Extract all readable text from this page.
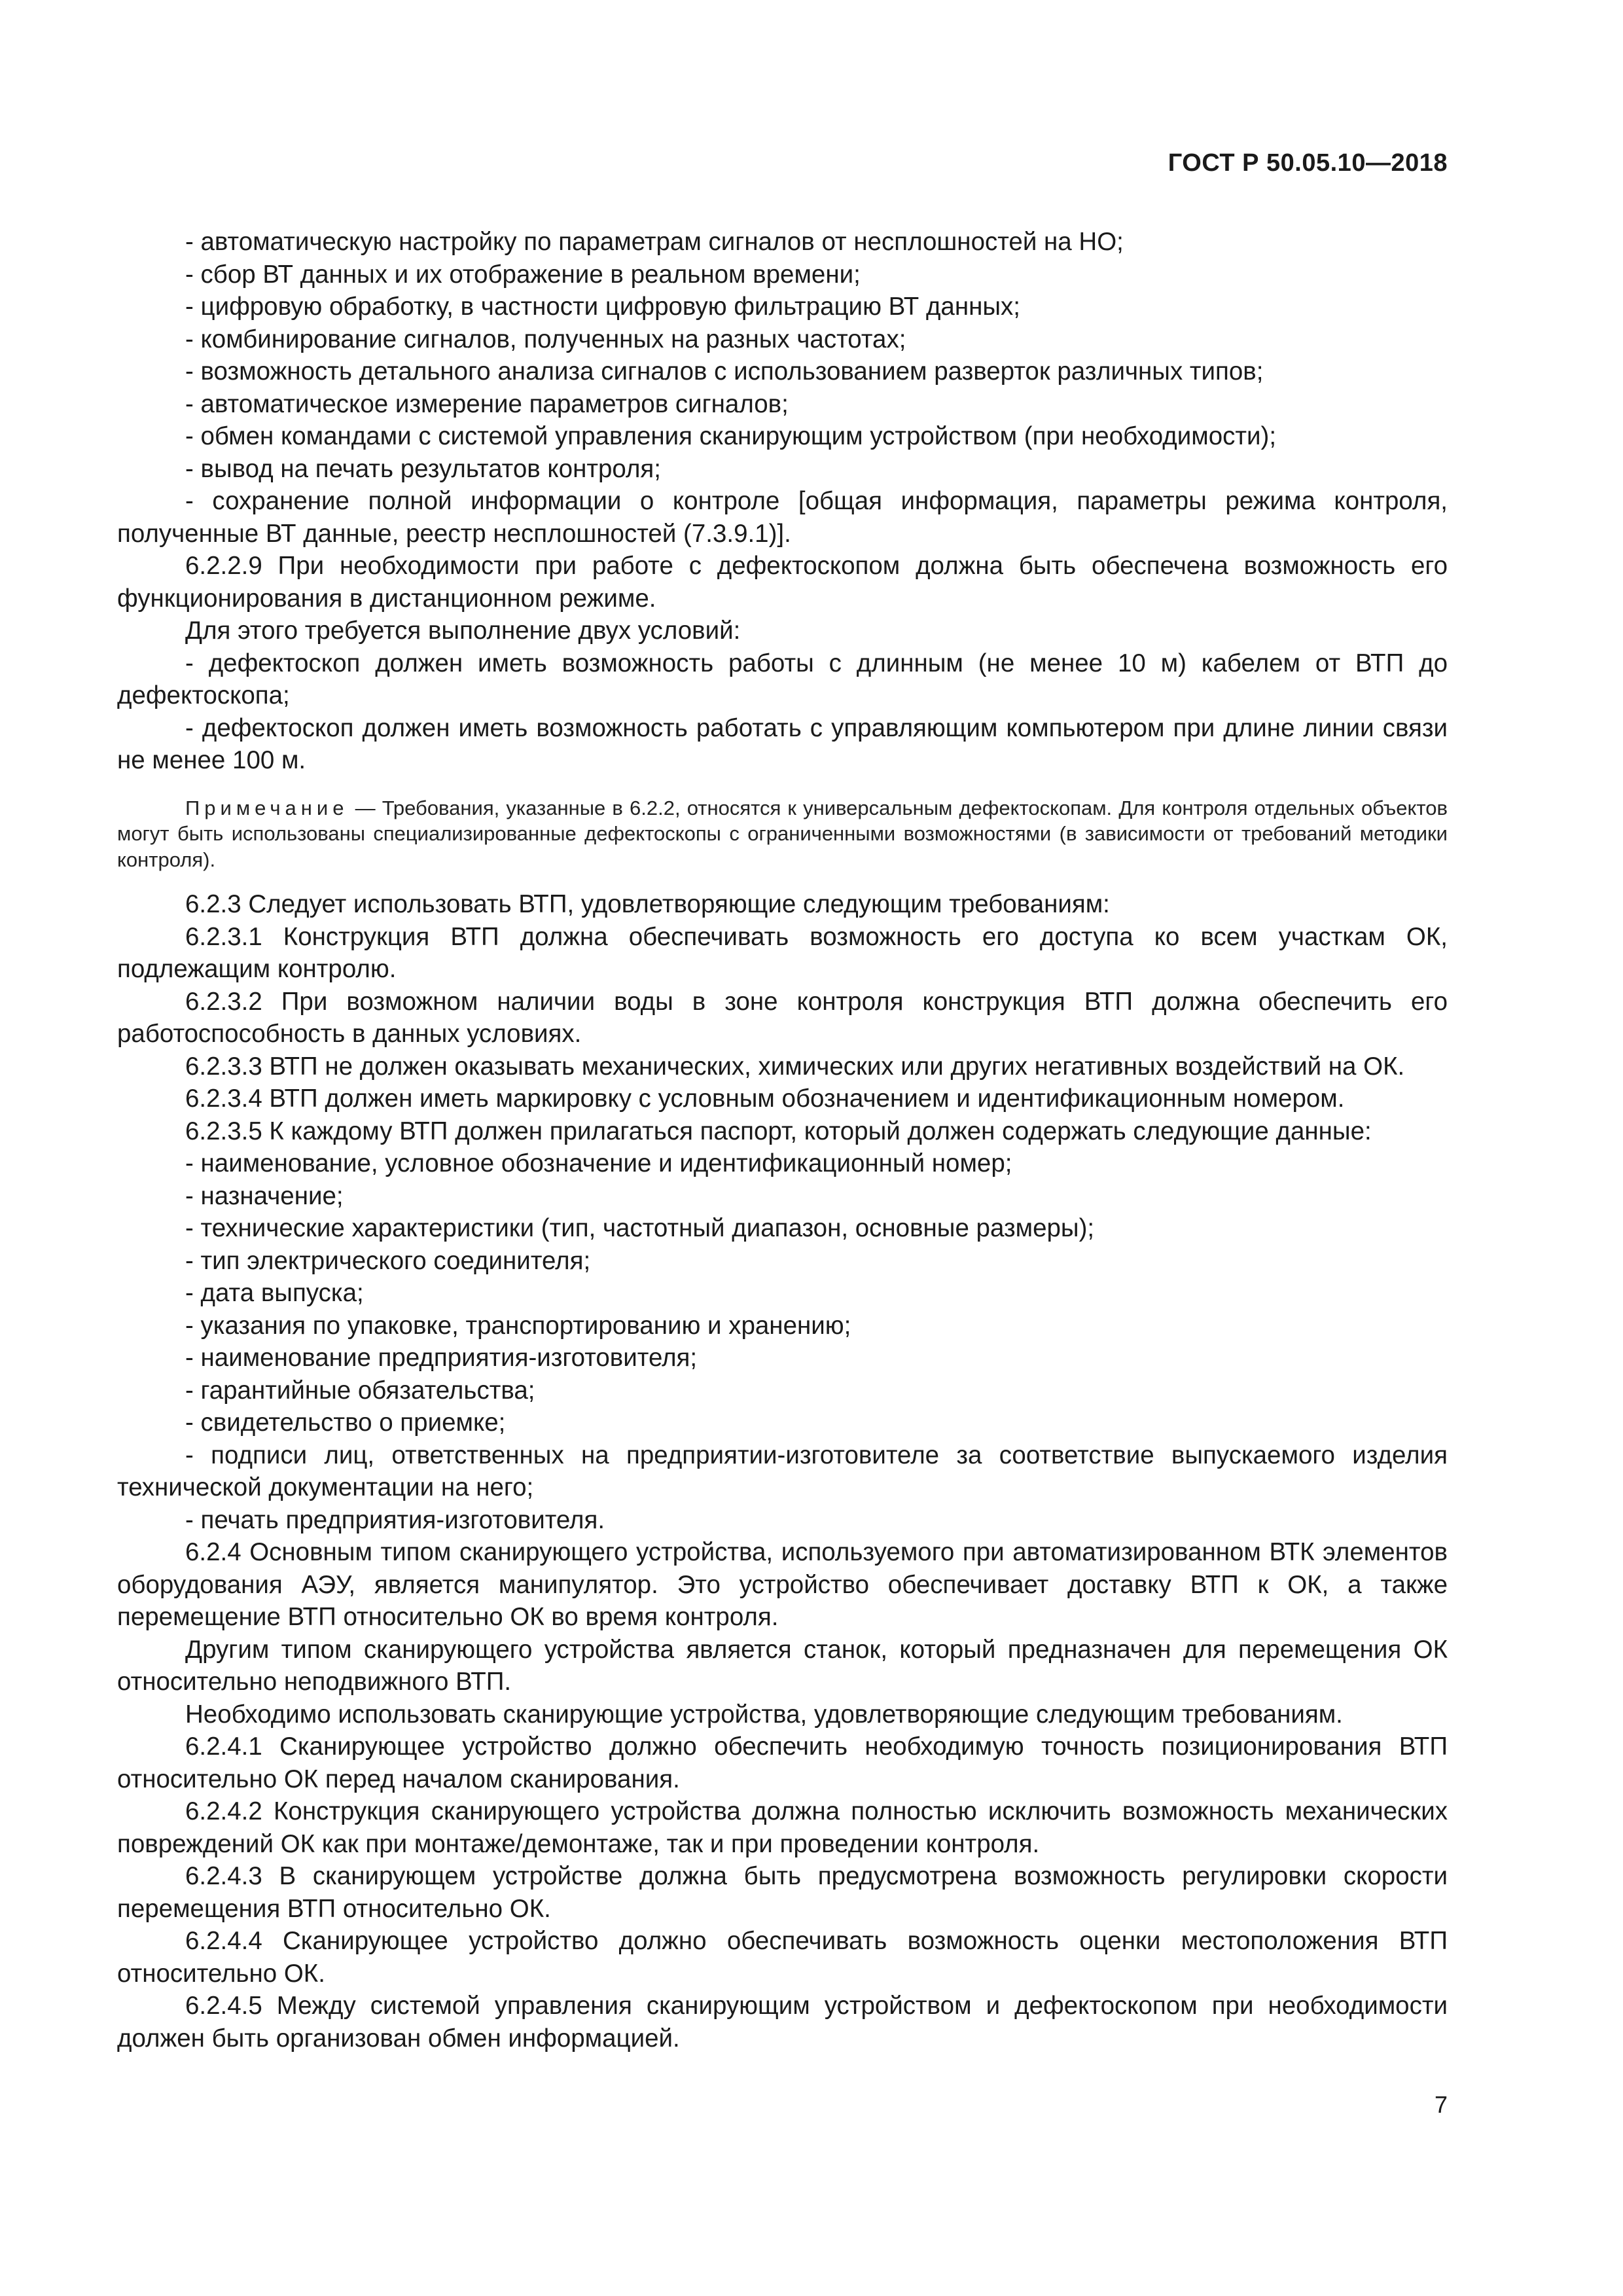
ГОСТ Р 50.05.10—2018

- автоматическую настройку по параметрам сигналов от несплошностей на НО;

- сбор ВТ данных и их отображение в реальном времени;

- цифровую обработку, в частности цифровую фильтрацию ВТ данных;

- комбинирование сигналов, полученных на разных частотах;

- возможность детального анализа сигналов с использованием разверток различных типов;

- автоматическое измерение параметров сигналов;

- обмен командами с системой управления сканирующим устройством (при необходимости);

- вывод на печать результатов контроля;

- сохранение полной информации о контроле [общая информация, параметры режима контроля, полученные ВТ данные, реестр несплошностей (7.3.9.1)].

6.2.2.9 При необходимости при работе с дефектоскопом должна быть обеспечена возможность его функционирования в дистанционном режиме.

Для этого требуется выполнение двух условий:

- дефектоскоп должен иметь возможность работы с длинным (не менее 10 м) кабелем от ВТП до дефектоскопа;

- дефектоскоп должен иметь возможность работать с управляющим компьютером при длине линии связи не менее 100 м.

Примечание — Требования, указанные в 6.2.2, относятся к универсальным дефектоскопам. Для контроля отдельных объектов могут быть использованы специализированные дефектоскопы с ограниченными возможностями (в зависимости от требований методики контроля).

6.2.3 Следует использовать ВТП, удовлетворяющие следующим требованиям:

6.2.3.1 Конструкция ВТП должна обеспечивать возможность его доступа ко всем участкам ОК, подлежащим контролю.

6.2.3.2 При возможном наличии воды в зоне контроля конструкция ВТП должна обеспечить его работоспособность в данных условиях.

6.2.3.3 ВТП не должен оказывать механических, химических или других негативных воздействий на ОК.

6.2.3.4 ВТП должен иметь маркировку с условным обозначением и идентификационным номером.

6.2.3.5 К каждому ВТП должен прилагаться паспорт, который должен содержать следующие данные:

- наименование, условное обозначение и идентификационный номер;

- назначение;

- технические характеристики (тип, частотный диапазон, основные размеры);

- тип электрического соединителя;

- дата выпуска;

- указания по упаковке, транспортированию и хранению;

- наименование предприятия-изготовителя;

- гарантийные обязательства;

- свидетельство о приемке;

- подписи лиц, ответственных на предприятии-изготовителе за соответствие выпускаемого изделия технической документации на него;

- печать предприятия-изготовителя.

6.2.4 Основным типом сканирующего устройства, используемого при автоматизированном ВТК элементов оборудования АЭУ, является манипулятор. Это устройство обеспечивает доставку ВТП к ОК, а также перемещение ВТП относительно ОК во время контроля.

Другим типом сканирующего устройства является станок, который предназначен для перемещения ОК относительно неподвижного ВТП.

Необходимо использовать сканирующие устройства, удовлетворяющие следующим требованиям.

6.2.4.1 Сканирующее устройство должно обеспечить необходимую точность позиционирования ВТП относительно ОК перед началом сканирования.

6.2.4.2 Конструкция сканирующего устройства должна полностью исключить возможность механических повреждений ОК как при монтаже/демонтаже, так и при проведении контроля.

6.2.4.3 В сканирующем устройстве должна быть предусмотрена возможность регулировки скорости перемещения ВТП относительно ОК.

6.2.4.4 Сканирующее устройство должно обеспечивать возможность оценки местоположения ВТП относительно ОК.

6.2.4.5 Между системой управления сканирующим устройством и дефектоскопом при необходимости должен быть организован обмен информацией.

7
